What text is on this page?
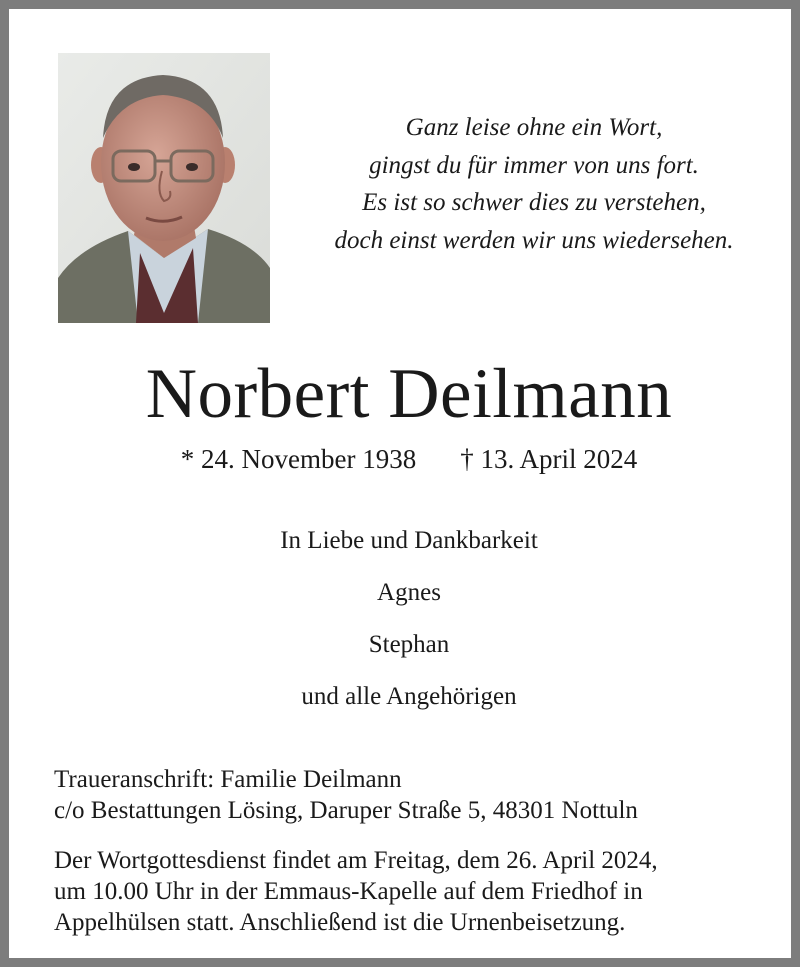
Ganz leise ohne ein Wort,
gingst du für immer von uns fort.
Es ist so schwer dies zu verstehen,
doch einst werden wir uns wiedersehen.
Norbert Deilmann
* 24. November 1938 † 13. April 2024
In Liebe und Dankbarkeit
Agnes
Stephan
und alle Angehörigen
Traueranschrift: Familie Deilmann
c/o Bestattungen Lösing, Daruper Straße 5, 48301 Nottuln
Der Wortgottesdienst findet am Freitag, dem 26. April 2024,
um 10.00 Uhr in der Emmaus-Kapelle auf dem Friedhof in
Appelhülsen statt. Anschließend ist die Urnenbeisetzung.
